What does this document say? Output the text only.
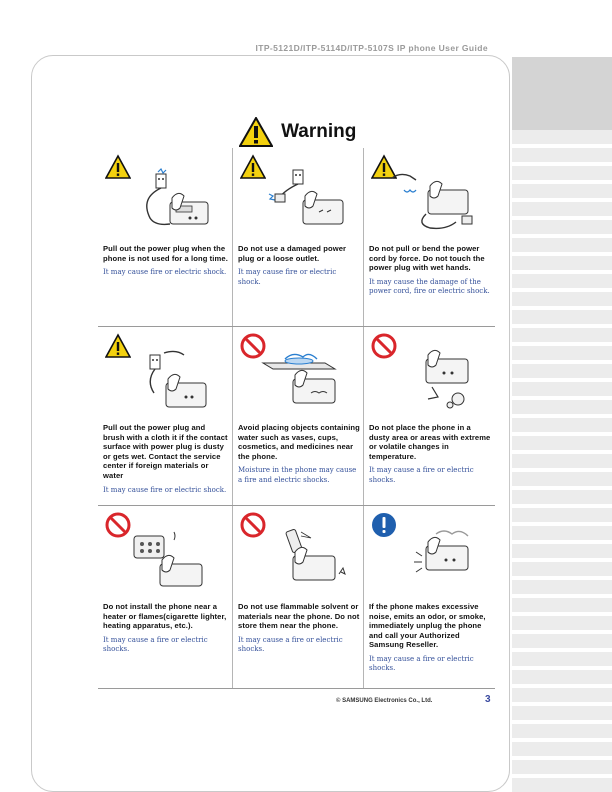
ITP-5121D/ITP-5114D/ITP-5107S IP phone User Guide
Warning

Pull out the power plug when the phone is not used for a long time.

It may cause fire or electric shock.

Do not use a damaged power plug or a loose outlet.

It may cause fire or electric shock.

Do not pull or bend the power cord by force. Do not touch the power plug with wet hands.

It may cause the damage of the power cord, fire or electric shock.

Pull out the power plug and brush with a cloth it if the contact surface with power plug is dusty or gets wet. Contact the service center if foreign materials or water

It may cause fire or electric shock.

Avoid placing objects containing water such as vases, cups, cosmetics, and medicines near the phone.

Moisture in the phone may cause a fire and electric shocks.

Do not place the phone in a dusty area or areas with extreme or volatile changes in temperature.

It may cause a fire or electric shocks.

Do not install the phone near a heater or flames(cigarette lighter, heating apparatus, etc.).

It may cause a fire or electric shocks.

Do not use flammable solvent or materials near the phone. Do not store them near the phone.

It may cause a fire or electric shocks.

If the phone makes excessive noise, emits an odor, or smoke, immediately unplug the phone and call your Authorized Samsung Reseller.

It may cause a fire or electric shocks.

© SAMSUNG Electronics Co., Ltd.	3
